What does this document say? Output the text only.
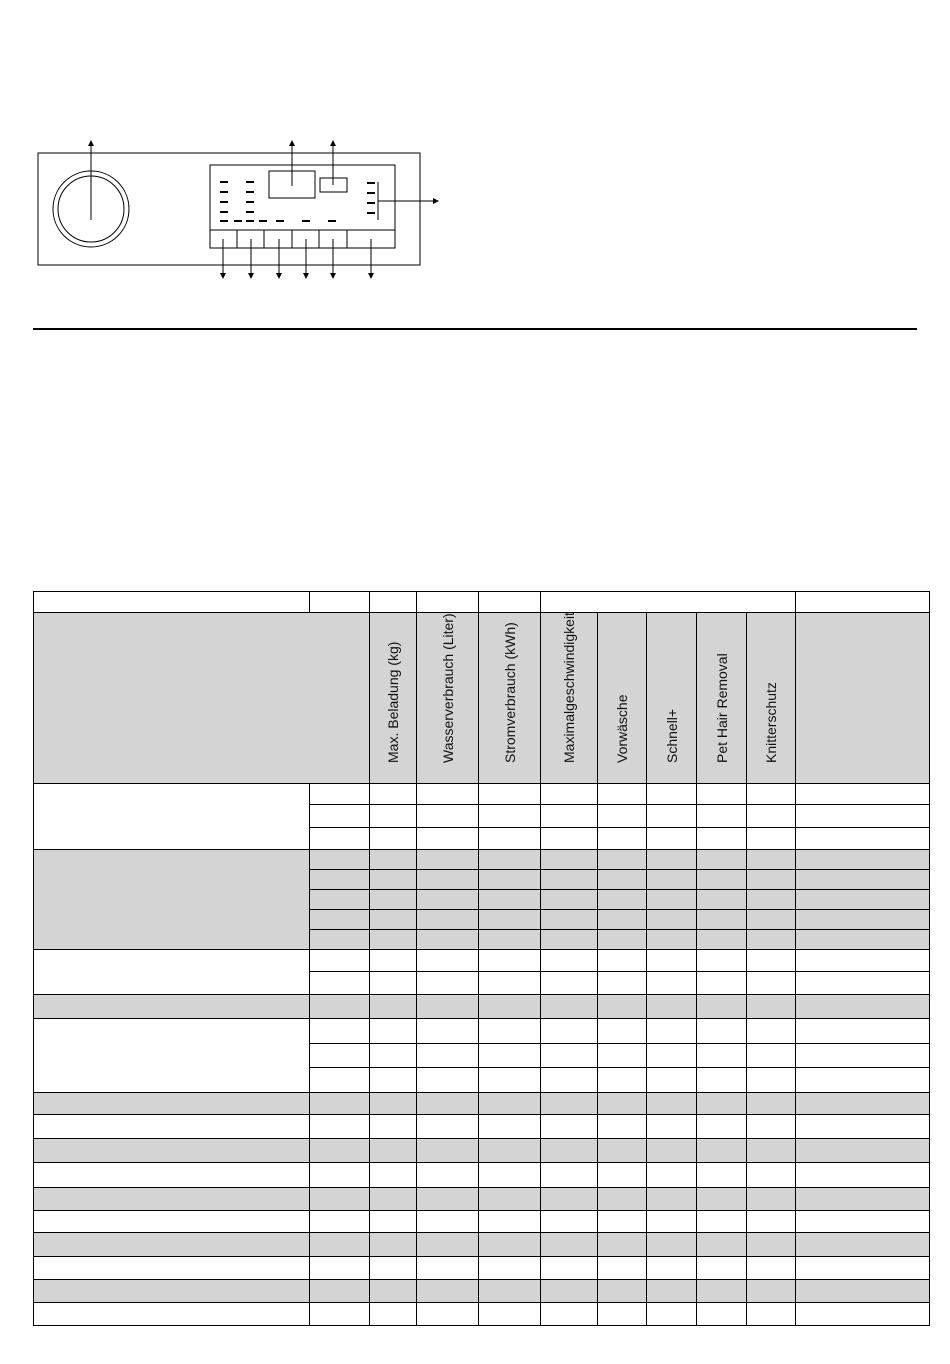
		Max. Beladung (kg)	Wasserverbrauch (Liter)	Stromverbrauch (kWh)	Maximalgeschwindigkeit	Vorwäsche	Schnell+	Pet Hair Removal	Knitterschutz	
